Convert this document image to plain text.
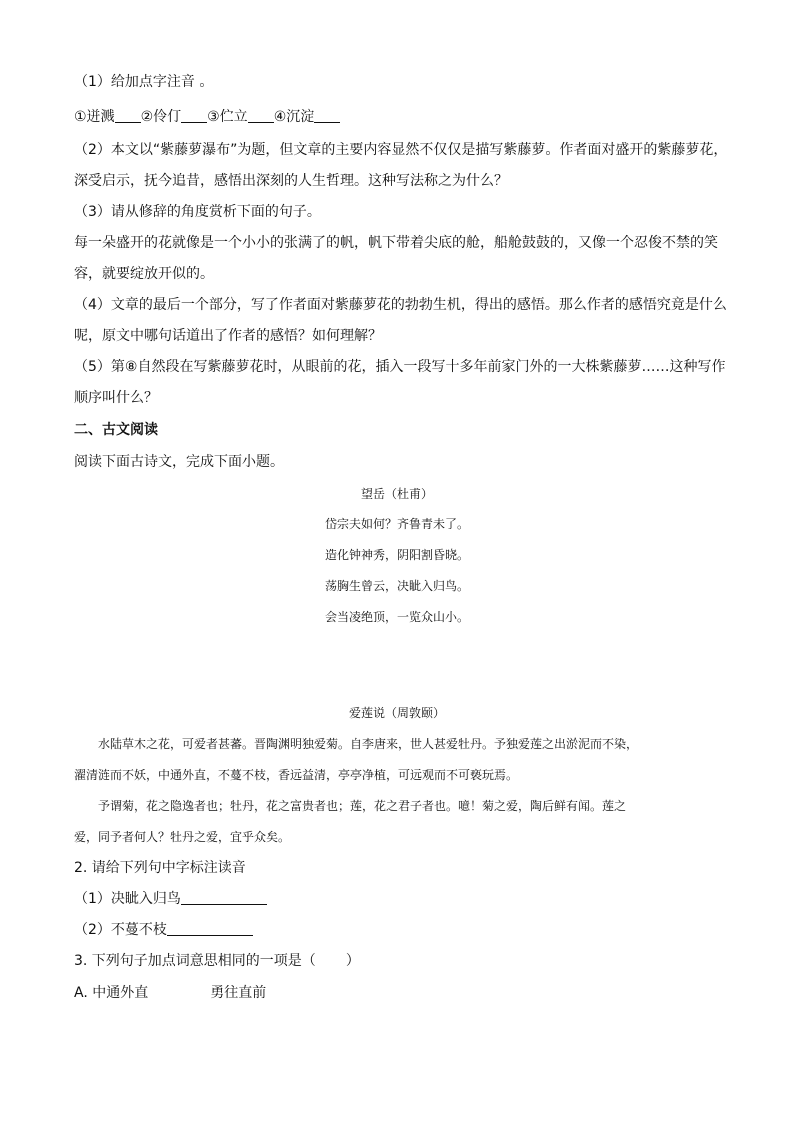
（1）给加点字注音 。
①迸溅 ②伶仃 ③伫立 ④沉淀
（2）本文以“紫藤萝瀑布”为题，但文章的主要内容显然不仅仅是描写紫藤萝。作者面对盛开的紫藤萝花，
深受启示，抚今追昔，感悟出深刻的人生哲理。这种写法称之为什么？
（3）请从修辞的角度赏析下面的句子。
每一朵盛开的花就像是一个小小的张满了的帆，帆下带着尖底的舱，船舱鼓鼓的，又像一个忍俊不禁的笑
容，就要绽放开似的。
（4）文章的最后一个部分，写了作者面对紫藤萝花的勃勃生机，得出的感悟。那么作者的感悟究竟是什么
呢，原文中哪句话道出了作者的感悟？如何理解？
（5）第⑧自然段在写紫藤萝花时，从眼前的花，插入一段写十多年前家门外的一大株紫藤萝……这种写作
顺序叫什么？
二、古文阅读
阅读下面古诗文，完成下面小题。
望岳（杜甫）
岱宗夫如何？齐鲁青未了。
造化钟神秀，阴阳割昏晓。
荡胸生曾云，决眦入归鸟。
会当凌绝顶，一览众山小。
爱莲说（周敦颐）
水陆草木之花，可爱者甚蕃。晋陶渊明独爱菊。自李唐来，世人甚爱牡丹。予独爱莲之出淤泥而不染，
濯清涟而不妖，中通外直，不蔓不枝，香远益清，亭亭净植，可远观而不可亵玩焉。
予谓菊，花之隐逸者也；牡丹，花之富贵者也；莲，花之君子者也。噫！菊之爱，陶后鲜有闻。莲之
爱，同予者何人？牡丹之爱，宜乎众矣。
2. 请给下列句中字标注读音
（1）决眦入归鸟
（2）不蔓不枝
3. 下列句子加点词意思相同的一项是（ ）
A. 中通外直	勇往直前
